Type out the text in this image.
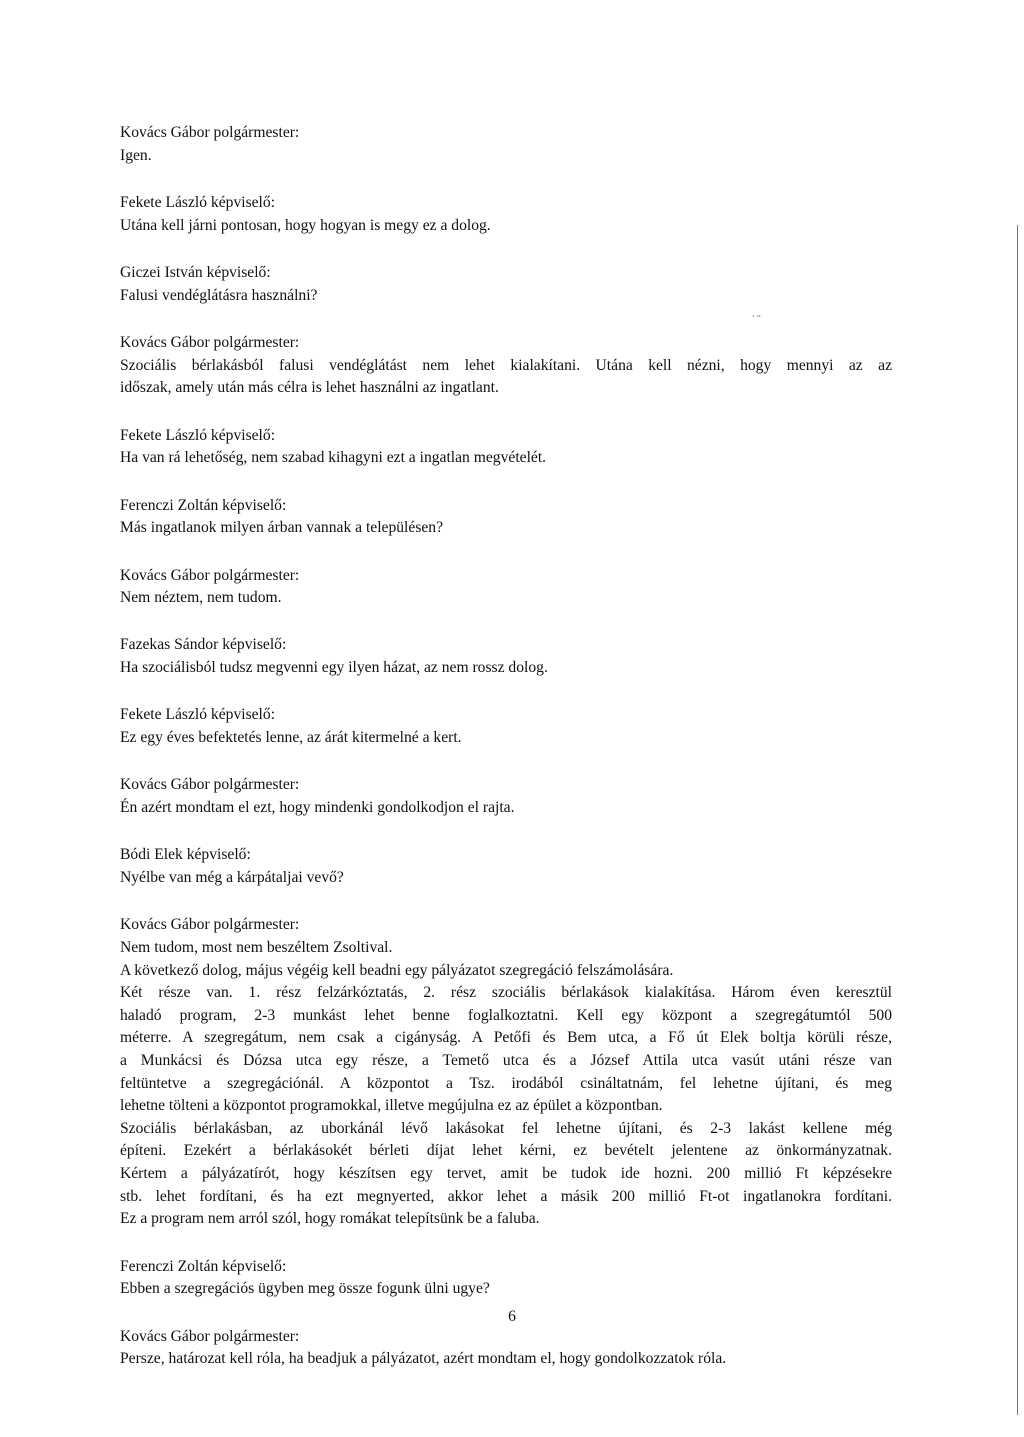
Kovács Gábor polgármester:
Igen.
Fekete László képviselő:
Utána kell járni pontosan, hogy hogyan is megy ez a dolog.
Giczei István képviselő:
Falusi vendéglátásra használni?
Kovács Gábor polgármester:
Szociális bérlakásból falusi vendéglátást nem lehet kialakítani. Utána kell nézni, hogy mennyi az az
időszak, amely után más célra is lehet használni az ingatlant.
Fekete László képviselő:
Ha van rá lehetőség, nem szabad kihagyni ezt a ingatlan megvételét.
Ferenczi Zoltán képviselő:
Más ingatlanok milyen árban vannak a településen?
Kovács Gábor polgármester:
Nem néztem, nem tudom.
Fazekas Sándor képviselő:
Ha szociálisból tudsz megvenni egy ilyen házat, az nem rossz dolog.
Fekete László képviselő:
Ez egy éves befektetés lenne, az árát kitermelné a kert.
Kovács Gábor polgármester:
Én azért mondtam el ezt, hogy mindenki gondolkodjon el rajta.
Bódi Elek képviselő:
Nyélbe van még a kárpátaljai vevő?
Kovács Gábor polgármester:
Nem tudom, most nem beszéltem Zsoltival.
A következő dolog, május végéig kell beadni egy pályázatot szegregáció felszámolására.
Két része van. 1. rész felzárkóztatás, 2. rész szociális bérlakások kialakítása. Három éven keresztül
haladó program, 2-3 munkást lehet benne foglalkoztatni. Kell egy központ a szegregátumtól 500
méterre. A szegregátum, nem csak a cigányság. A Petőfi és Bem utca, a Fő út Elek boltja körüli része,
a Munkácsi és Dózsa utca egy része, a Temető utca és a József Attila utca vasút utáni része van
feltüntetve a szegregációnál. A központot a Tsz. irodából csináltatnám, fel lehetne újítani, és meg
lehetne tölteni a központot programokkal, illetve megújulna ez az épület a központban.
Szociális bérlakásban, az uborkánál lévő lakásokat fel lehetne újítani, és 2-3 lakást kellene még
építeni. Ezekért a bérlakásokét bérleti díjat lehet kérni, ez bevételt jelentene az önkormányzatnak.
Kértem a pályázatírót, hogy készítsen egy tervet, amit be tudok ide hozni. 200 millió Ft képzésekre
stb. lehet fordítani, és ha ezt megnyerted, akkor lehet a másik 200 millió Ft-ot ingatlanokra fordítani.
Ez a program nem arról szól, hogy romákat telepítsünk be a faluba.
Ferenczi Zoltán képviselő:
Ebben a szegregációs ügyben meg össze fogunk ülni ugye?
Kovács Gábor polgármester:
Persze, határozat kell róla, ha beadjuk a pályázatot, azért mondtam el, hogy gondolkozzatok róla.
6
˴ ˵
